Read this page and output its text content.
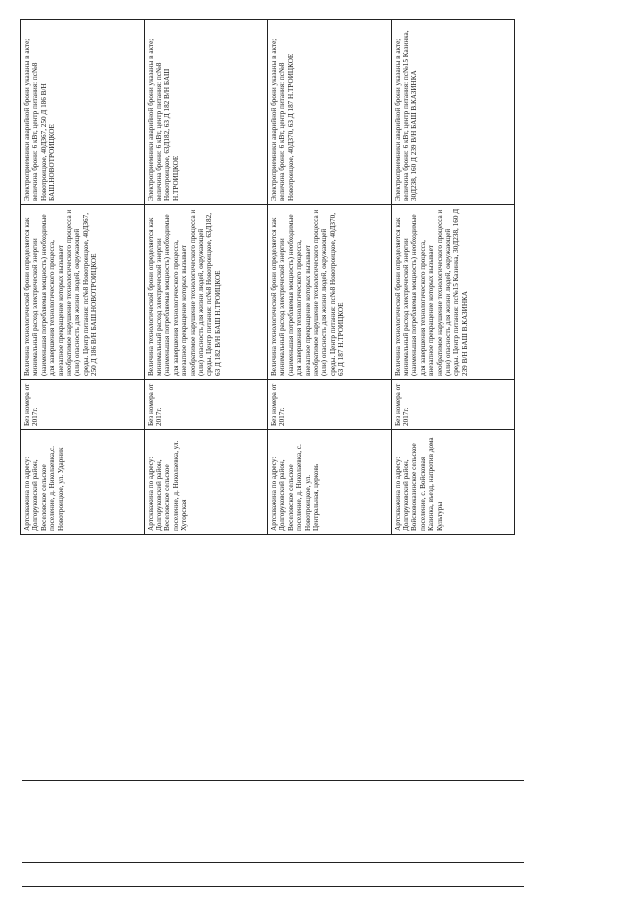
Артскважина по адресу: Долгоруковский район, Веселовское сельское поселение, д. Николаевка,с. Новотроицкое, ул. Ударник	Без номера от 2017г.	Величина технологической брони определяется как минимальный расход электрической энергии (наименьшая потребляемая мощность) необходимые для завершения технологического процесса, внезапное прекращение которых вызывает необратимое нарушение технологического процесса и (или) опасность для жизни людей, окружающей среды. Центр питания: пс№8 Новотроицкое, 40Д367, 250 Д 186 В/Н БАШ.НОВОТРОИЦКОЕ	Электроприемники аварийной брони указаны в акте; величина брони: 6 кВт, центр питания: пс№8 Новотроицкое, 40Д367, 250 Д 186 В/Н БАШ.НОВОТРОИЦКОЕ

Артскважина по адресу: Долгоруковский район, Веселовское сельское поселение, д. Николаевка, ул. Хуторская	Без номера от 2017г.	Величина технологической брони определяется как минимальный расход электрической энергии (наименьшая потребляемая мощность) необходимые для завершения технологического процесса, внезапное прекращение которых вызывает необратимое нарушение технологического процесса и (или) опасность для жизни людей, окружающей среды. Центр питания: пс№8 Новотроицкое, 63Д182, 63 Д 182 В/Н БАШ Н.ТРОИЦКОЕ	Электроприемники аварийной брони указаны в акте; величина брони: 6 кВт, центр питания: пс№8 Новотроицкое, 63Д182, 63 Д 182 В/Н БАШ Н.ТРОИЦКОЕ

Артскважина по адресу: Долгоруковский район, Веселовское сельское поселение, д. Николаевка, с. Новотроицкое, ул. Центральная, церковь	Без номера от 2017г.	Величина технологической брони определяется как минимальный расход электрической энергии (наименьшая потребляемая мощность) необходимые для завершения технологического процесса, внезапное прекращение которых вызывает необратимое нарушение технологического процесса и (или) опасность для жизни людей, окружающей среды. Центр питания: пс№8 Новотроицкое, 40Д370, 63 Д 187 Н.ТРОИЦКОЕ	Электроприемники аварийной брони указаны в акте; величина брони: 6 кВт, центр питания: пс№8 Новотроицкое, 40Д370, 63 Д 187 Н.ТРОИЦКОЕ

Артскважина по адресу: Долгоруковский район, Войсковоказинское сельское поселение, с. Войсковая Казинка, въезд, напротив дома Культуры	Без номера от 2017г.	Величина технологической брони определяется как минимальный расход электрической энергии (наименьшая потребляемая мощность) необходимые для завершения технологического процесса, внезапное прекращение которых вызывает необратимое нарушение технологического процесса и (или) опасность для жизни людей, окружающей среды. Центр питания: пс№15 Казинка, 30Д238, 160 Д 239 В/Н БАШ В.КАЗИНКА	Электроприемники аварийной брони указаны в акте; величина брони: 6 кВт, центр питания: пс№15 Казинка, 30Д238, 160 Д 239 В/Н БАШ В.КАЗИНКА
